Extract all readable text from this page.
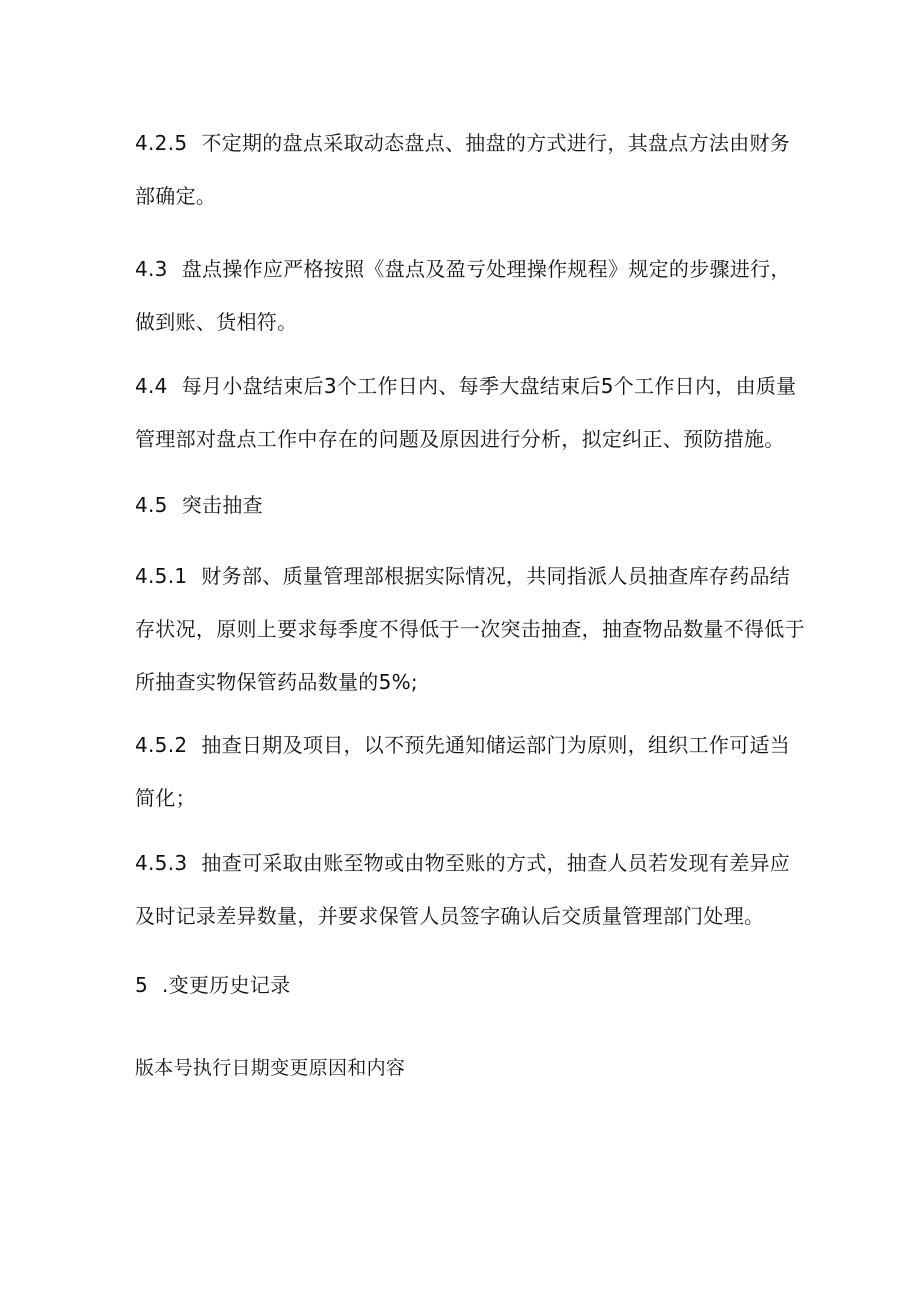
4.2.5 不定期的盘点采取动态盘点、抽盘的方式进行，其盘点方法由财务部确定。

4.3 盘点操作应严格按照《盘点及盈亏处理操作规程》规定的步骤进行，做到账、货相符。

4.4 每月小盘结束后3个工作日内、每季大盘结束后5个工作日内，由质量管理部对盘点工作中存在的问题及原因进行分析，拟定纠正、预防措施。

4.5 突击抽查

4.5.1 财务部、质量管理部根据实际情况，共同指派人员抽查库存药品结存状况，原则上要求每季度不得低于一次突击抽查，抽查物品数量不得低于所抽查实物保管药品数量的5%;

4.5.2 抽查日期及项目，以不预先通知储运部门为原则，组织工作可适当简化；

4.5.3 抽查可采取由账至物或由物至账的方式，抽查人员若发现有差异应及时记录差异数量，并要求保管人员签字确认后交质量管理部门处理。

5 .变更历史记录

版本号执行日期变更原因和内容
